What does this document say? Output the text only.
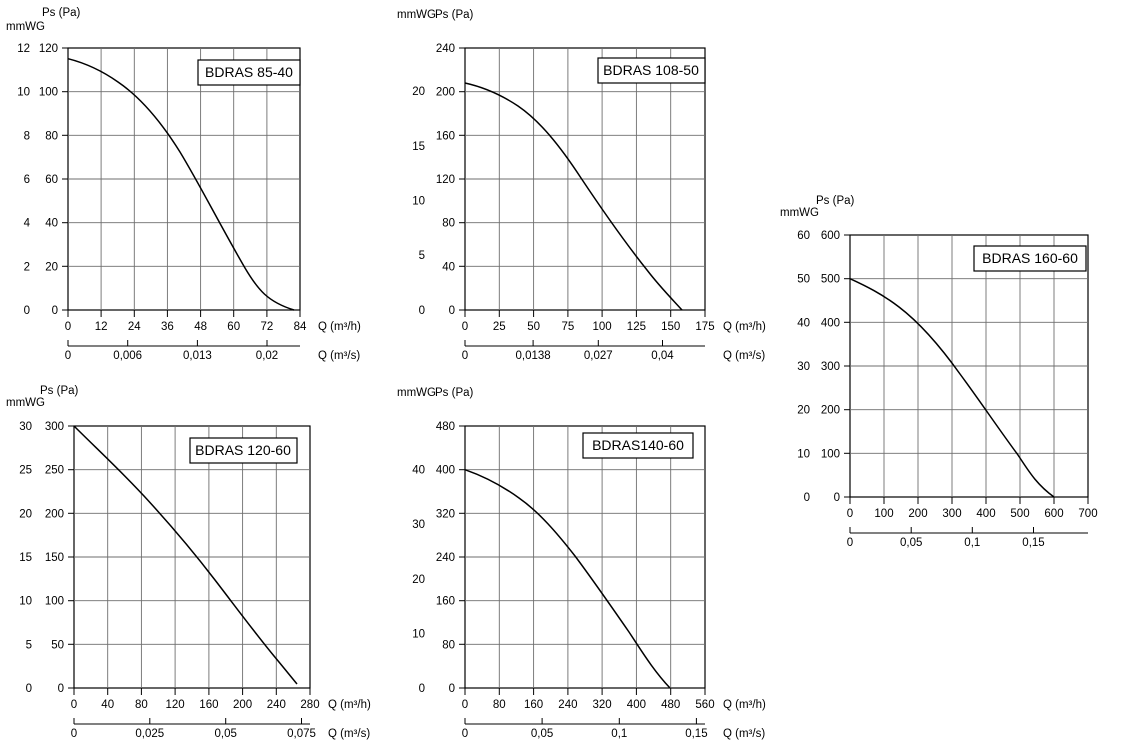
mmWG
Ps (Pa)
0
20
40
60
80
100
120
0
2
4
6
8
10
12
0 12 24 36 48 60 72 84 Q (m³/h)
0	0,006	0,013	0,02	Q (m³/s)
BDRAS 85-40
mmWG Ps (Pa)
0
40
80
120
160
200
240
0
5
10
15
20
0 25 50 75 100 125 150 175 Q (m³/h)
0	0,0138	0,027	0,04	Q (m³/s)
BDRAS 108-50
mmWG
Ps (Pa)
0
100
200
300
400
500
600
0
10
20
30
40
50
60
0 100 200 300 400 500 600 700
0	0,05	0,1	0,15
BDRAS 160-60
mmWG
Ps (Pa)
0
50
100
150
200
250
300
0
5
10
15
20
25
30
0 40 80 120 160 200 240 280 Q (m³/h)
0	0,025	0,05	0,075 Q (m³/s)
BDRAS 120-60
mmWG Ps (Pa)
0
80
160
240
320
400
480
0
10
20
30
40
0 80 160 240 320 400 480 560 Q (m³/h)
0	0,05	0,1	0,15 Q (m³/s)
BDRAS140-60
